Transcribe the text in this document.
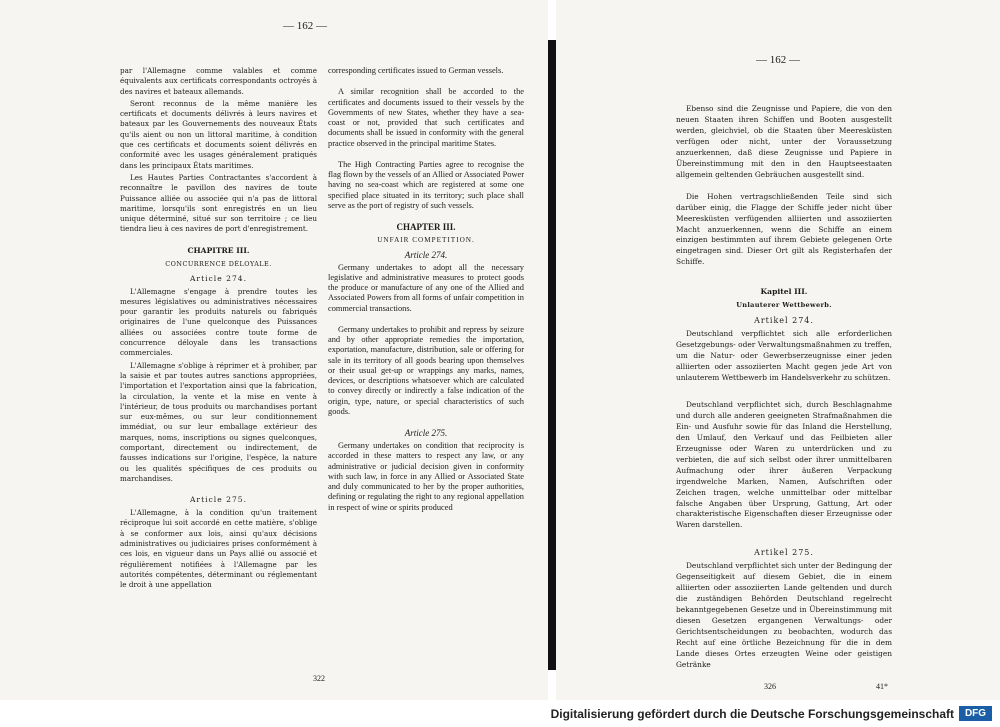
— 162 —

par l'Allemagne comme valables et comme équivalents aux certificats correspondants octroyés à des navires et bateaux allemands.

Seront reconnus de la même manière les certificats et documents délivrés à leurs navires et bateaux par les Gouvernements des nouveaux États qu'ils aient ou non un littoral maritime, à condition que ces certificats et documents soient délivrés en conformité avec les usages généralement pratiqués dans les principaux États maritimes.

Les Hautes Parties Contractantes s'accordent à reconnaître le pavillon des navires de toute Puissance alliée ou associée qui n'a pas de littoral maritime, lorsqu'ils sont enregistrés en un lieu unique déterminé, situé sur son territoire ; ce lieu tiendra lieu à ces navires de port d'enregistrement.

CHAPITRE III.
CONCURRENCE DÉLOYALE.
Article 274.

L'Allemagne s'engage à prendre toutes les mesures législatives ou administratives nécessaires pour garantir les produits naturels ou fabriqués originaires de l'une quelconque des Puissances alliées ou associées contre toute forme de concurrence déloyale dans les transactions commerciales.

L'Allemagne s'oblige à réprimer et à prohiber, par la saisie et par toutes autres sanctions appropriées, l'importation et l'exportation ainsi que la fabrication, la circulation, la vente et la mise en vente à l'intérieur, de tous produits ou marchandises portant sur eux-mêmes, ou sur leur conditionnement immédiat, ou sur leur emballage extérieur des marques, noms, inscriptions ou signes quelconques, comportant, directement ou indirectement, de fausses indications sur l'origine, l'espèce, la nature ou les qualités spécifiques de ces produits ou marchandises.

Article 275.

L'Allemagne, à la condition qu'un traitement réciproque lui soit accordé en cette matière, s'oblige à se conformer aux lois, ainsi qu'aux décisions administratives ou judiciaires prises conformément à ces lois, en vigueur dans un Pays allié ou associé et régulièrement notifiées à l'Allemagne par les autorités compétentes, déterminant ou réglementant le droit à une appellation

corresponding certificates issued to German vessels.

A similar recognition shall be accorded to the certificates and documents issued to their vessels by the Governments of new States, whether they have a sea-coast or not, provided that such certificates and documents shall be issued in conformity with the general practice observed in the principal maritime States.

The High Contracting Parties agree to recognise the flag flown by the vessels of an Allied or Associated Power having no sea-coast which are registered at some one specified place situated in its territory; such place shall serve as the port of registry of such vessels.

CHAPTER III.
UNFAIR COMPETITION.
Article 274.

Germany undertakes to adopt all the necessary legislative and administrative measures to protect goods the produce or manufacture of any one of the Allied and Associated Powers from all forms of unfair competition in commercial transactions.

Germany undertakes to prohibit and repress by seizure and by other appropriate remedies the importation, exportation, manufacture, distribution, sale or offering for sale in its territory of all goods bearing upon themselves or their usual get-up or wrappings any marks, names, devices, or descriptions whatsoever which are calculated to convey directly or indirectly a false indication of the origin, type, nature, or special characteristics of such goods.

Article 275.

Germany undertakes on condition that reciprocity is accorded in these matters to respect any law, or any administrative or judicial decision given in conformity with such law, in force in any Allied or Associated State and duly communicated to her by the proper authorities, defining or regulating the right to any regional appellation in respect of wine or spirits produced

322
— 162 —

Ebenso sind die Zeugnisse und Papiere, die von den neuen Staaten ihren Schiffen und Booten ausgestellt werden, gleichviel, ob die Staaten über Meeresküsten verfügen oder nicht, unter der Voraussetzung anzuerkennen, daß diese Zeugnisse und Papiere in Übereinstimmung mit den in den Hauptseestaaten allgemein geltenden Gebräuchen ausgestellt sind.

Die Hohen vertragschließenden Teile sind sich darüber einig, die Flagge der Schiffe jeder nicht über Meeresküsten verfügenden alliierten und assoziierten Macht anzuerkennen, wenn die Schiffe an einem einzigen bestimmten auf ihrem Gebiete gelegenen Orte eingetragen sind. Dieser Ort gilt als Registerhafen der Schiffe.

Kapitel III.
Unlauterer Wettbewerb.
Artikel 274.

Deutschland verpflichtet sich alle erforderlichen Gesetzgebungs- oder Verwaltungsmaßnahmen zu treffen, um die Natur- oder Gewerbserzeugnisse einer jeden alliierten oder assoziierten Macht gegen jede Art von unlauterem Wettbewerb im Handelsverkehr zu schützen.

Deutschland verpflichtet sich, durch Beschlagnahme und durch alle anderen geeigneten Strafmaßnahmen die Ein- und Ausfuhr sowie für das Inland die Herstellung, den Umlauf, den Verkauf und das Feilbieten aller Erzeugnisse oder Waren zu unterdrücken und zu verbieten, die auf sich selbst oder ihrer unmittelbaren Aufmachung oder ihrer äußeren Verpackung irgendwelche Marken, Namen, Aufschriften oder Zeichen tragen, welche unmittelbar oder mittelbar falsche Angaben über Ursprung, Gattung, Art oder charakteristische Eigenschaften dieser Erzeugnisse oder Waren darstellen.

Artikel 275.

Deutschland verpflichtet sich unter der Bedingung der Gegenseitigkeit auf diesem Gebiet, die in einem alliierten oder assoziierten Lande geltenden und durch die zuständigen Behörden Deutschland regelrecht bekanntgegebenen Gesetze und in Übereinstimmung mit diesen Gesetzen ergangenen Verwaltungs- oder Gerichtsentscheidungen zu beobachten, wodurch das Recht auf eine örtliche Bezeichnung für die in dem Lande dieses Ortes erzeugten Weine oder geistigen Getränke

326	41*
Digitalisierung gefördert durch die Deutsche Forschungsgemeinschaft	DFG
